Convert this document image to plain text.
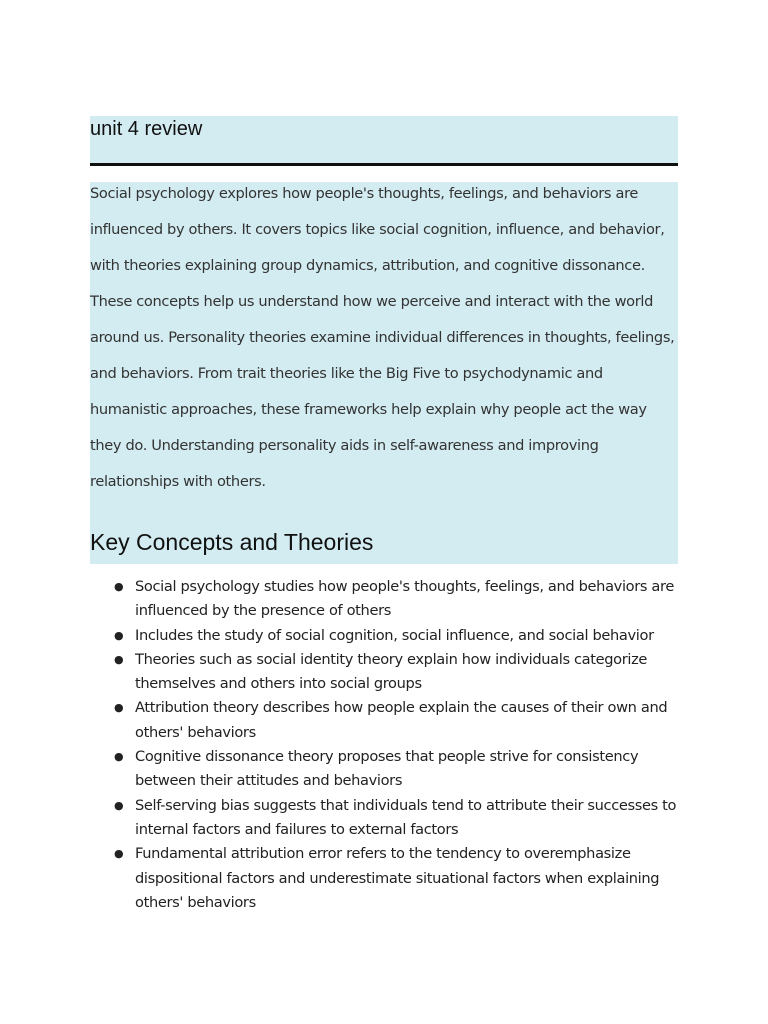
unit 4 review

Social psychology explores how people's thoughts, feelings, and behaviors are influenced by others. It covers topics like social cognition, influence, and behavior, with theories explaining group dynamics, attribution, and cognitive dissonance. These concepts help us understand how we perceive and interact with the world around us. Personality theories examine individual differences in thoughts, feelings, and behaviors. From trait theories like the Big Five to psychodynamic and humanistic approaches, these frameworks help explain why people act the way they do. Understanding personality aids in self-awareness and improving relationships with others.

Key Concepts and Theories
● Social psychology studies how people's thoughts, feelings, and behaviors are influenced by the presence of others
● Includes the study of social cognition, social influence, and social behavior
● Theories such as social identity theory explain how individuals categorize themselves and others into social groups
● Attribution theory describes how people explain the causes of their own and others' behaviors
● Cognitive dissonance theory proposes that people strive for consistency between their attitudes and behaviors
● Self-serving bias suggests that individuals tend to attribute their successes to internal factors and failures to external factors
● Fundamental attribution error refers to the tendency to overemphasize dispositional factors and underestimate situational factors when explaining others' behaviors
